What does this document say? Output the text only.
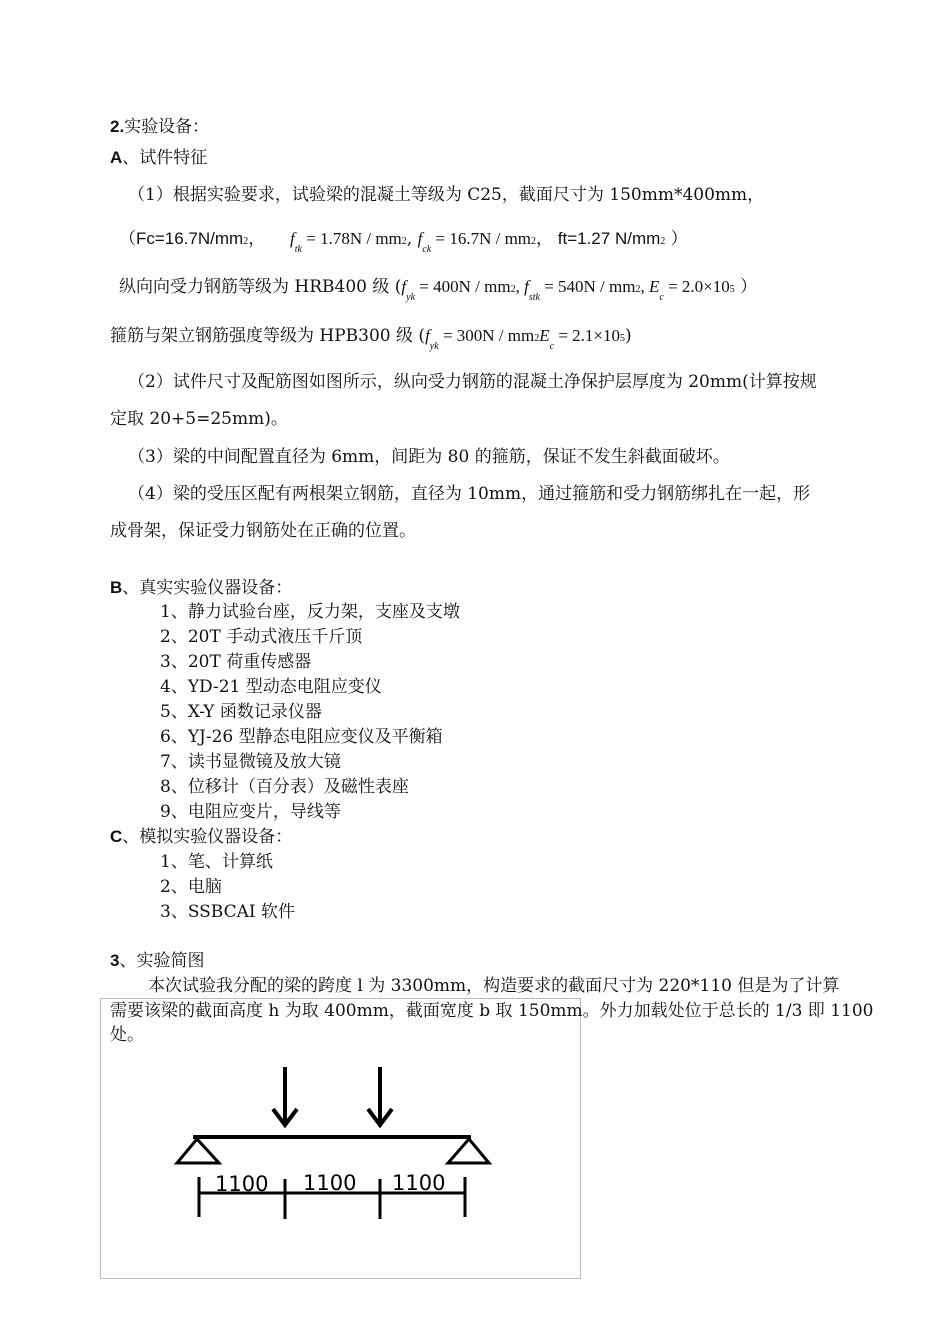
2.实验设备：
A、试件特征
（1）根据实验要求，试验梁的混凝土等级为 C25，截面尺寸为 150mm*400mm，
（Fc=16.7N/mm2， $f_{tk} = 1.78N / mm2$, $f_{ck} = 16.7N / mm2$， ft=1.27 N/mm2 ）
纵向向受力钢筋等级为 HRB400 级 ($f_{yk} = 400N / mm2$, $f_{stk} = 540N / mm2$, $E_c = 2.0\times 105$ ）
箍筋与架立钢筋强度等级为 HPB300 级 $(f_{yk} = 300N / mm2E_c = 2.1\times 105)$
（2）试件尺寸及配筋图如图所示，纵向受力钢筋的混凝土净保护层厚度为 20mm(计算按规
定取 20+5=25mm)。
（3）梁的中间配置直径为 6mm，间距为 80 的箍筋，保证不发生斜截面破坏。
（4）梁的受压区配有两根架立钢筋，直径为 10mm，通过箍筋和受力钢筋绑扎在一起，形
成骨架，保证受力钢筋处在正确的位置。
B、真实实验仪器设备：
1、静力试验台座，反力架，支座及支墩
2、20T 手动式液压千斤顶
3、20T 荷重传感器
4、YD-21 型动态电阻应变仪
5、X-Y 函数记录仪器
6、YJ-26 型静态电阻应变仪及平衡箱
7、读书显微镜及放大镜
8、位移计（百分表）及磁性表座
9、电阻应变片，导线等
C、模拟实验仪器设备：
1、笔、计算纸
2、电脑
3、SSBCAI 软件
1100 1100 1100
3、实验简图
本次试验我分配的梁的跨度 l 为 3300mm，构造要求的截面尺寸为 220*110 但是为了计算
需要该梁的截面高度 h 为取 400mm，截面宽度 b 取 150mm。外力加载处位于总长的 1/3 即 1100
处。
